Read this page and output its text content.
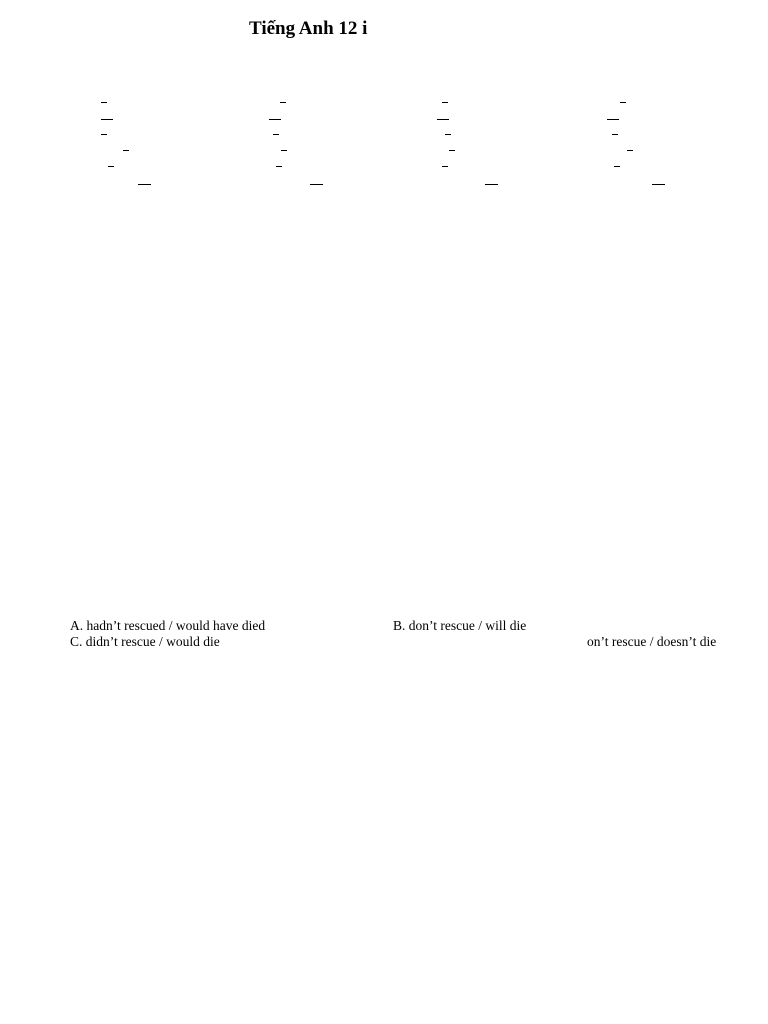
Tiếng Anh 12 i
A. hadn’t rescued / would have died	B. don’t rescue / will die
C. didn’t rescue / would die	on’t rescue / doesn’t die
